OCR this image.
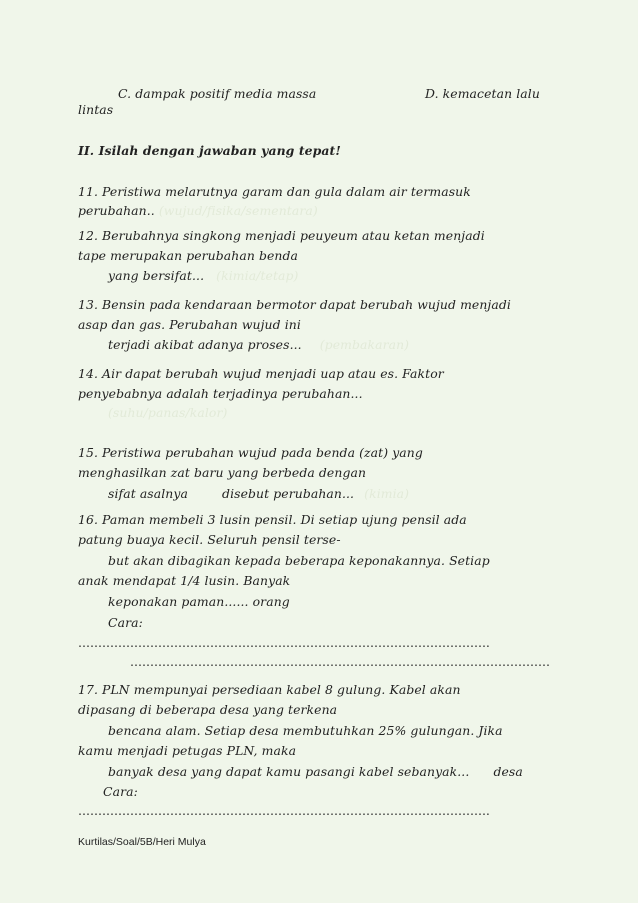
C. dampak positif media massa	D. kemacetan lalu
lintas
II. Isilah dengan jawaban yang tepat!
11. Peristiwa melarutnya garam dan gula dalam air termasuk
perubahan.. (wujud/fisika/sementara)
12. Berubahnya singkong menjadi peuyeum atau ketan menjadi
tape merupakan perubahan benda
yang bersifat... (kimia/tetap)
13. Bensin pada kendaraan bermotor dapat berubah wujud menjadi
asap dan gas. Perubahan wujud ini
terjadi akibat adanya proses... (pembakaran)
14. Air dapat berubah wujud menjadi uap atau es. Faktor
penyebabnya adalah terjadinya perubahan...
(suhu/panas/kalor)
15. Peristiwa perubahan wujud pada benda (zat) yang
menghasilkan zat baru yang berbeda dengan
sifat asalnya	disebut perubahan... (kimia)
16. Paman membeli 3 lusin pensil. Di setiap ujung pensil ada
patung buaya kecil. Seluruh pensil terse-
but akan dibagikan kepada beberapa keponakannya. Setiap
anak mendapat 1/4 lusin. Banyak
keponakan paman...... orang
Cara:
………………………………………………………………………………………….
……………………………………………………………………………………………
17. PLN mempunyai persediaan kabel 8 gulung. Kabel akan
dipasang di beberapa desa yang terkena
bencana alam. Setiap desa membutuhkan 25% gulungan. Jika
kamu menjadi petugas PLN, maka
banyak desa yang dapat kamu pasangi kabel sebanyak... desa
Cara:
………………………………………………………………………………………….
Kurtilas/Soal/5B/Heri Mulya
